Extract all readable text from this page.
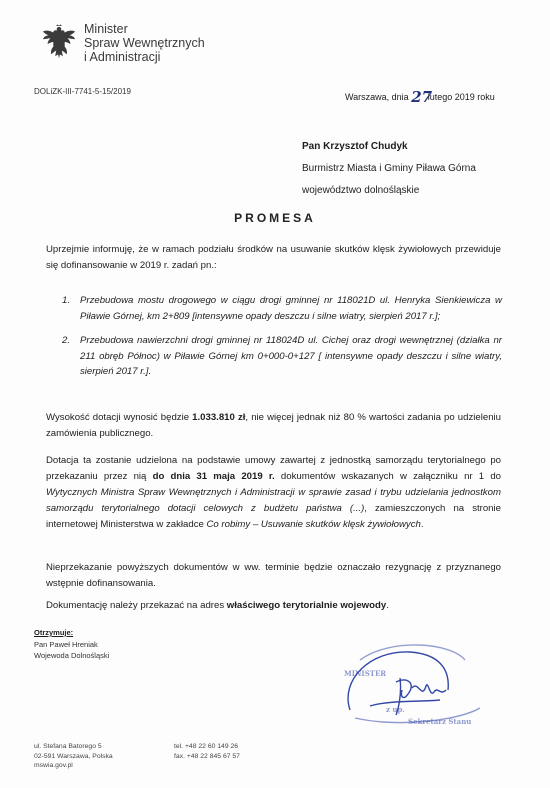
Minister
Spraw Wewnętrznych
i Administracji
DOLiZK-III-7741-5-15/2019
Warszawa, dnia 27 lutego 2019 roku
Pan Krzysztof Chudyk
Burmistrz Miasta i Gminy Piława Górna
województwo dolnośląskie
PROMESA
Uprzejmie informuję, że w ramach podziału środków na usuwanie skutków klęsk żywiołowych przewiduje się dofinansowanie w 2019 r. zadań pn.:
1. Przebudowa mostu drogowego w ciągu drogi gminnej nr 118021D ul. Henryka Sienkiewicza w Piławie Górnej, km 2+809 [intensywne opady deszczu i silne wiatry, sierpień 2017 r.];
2. Przebudowa nawierzchni drogi gminnej nr 118024D ul. Cichej oraz drogi wewnętrznej (działka nr 211 obręb Północ) w Piławie Górnej km 0+000-0+127 [ intensywne opady deszczu i silne wiatry, sierpień 2017 r.].
Wysokość dotacji wynosić będzie 1.033.810 zł, nie więcej jednak niż 80 % wartości zadania po udzieleniu zamówienia publicznego.
Dotacja ta zostanie udzielona na podstawie umowy zawartej z jednostką samorządu terytorialnego po przekazaniu przez nią do dnia 31 maja 2019 r. dokumentów wskazanych w załączniku nr 1 do Wytycznych Ministra Spraw Wewnętrznych i Administracji w sprawie zasad i trybu udzielania jednostkom samorządu terytorialnego dotacji celowych z budżetu państwa (...), zamieszczonych na stronie internetowej Ministerstwa w zakładce Co robimy – Usuwanie skutków klęsk żywiołowych.
Nieprzekazanie powyższych dokumentów w ww. terminie będzie oznaczało rezygnację z przyznanego wstępnie dofinansowania.
Dokumentację należy przekazać na adres właściwego terytorialnie wojewody.
Otrzymuje:
Pan Paweł Hreniak
Wojewoda Dolnośląski
MINISTER
z up.
Sekretarz Stanu
ul. Stefana Batorego 5
02-591 Warszawa, Polska
mswia.gov.pl
tel. +48 22 60 149 26
fax. +48 22 845 67 57
